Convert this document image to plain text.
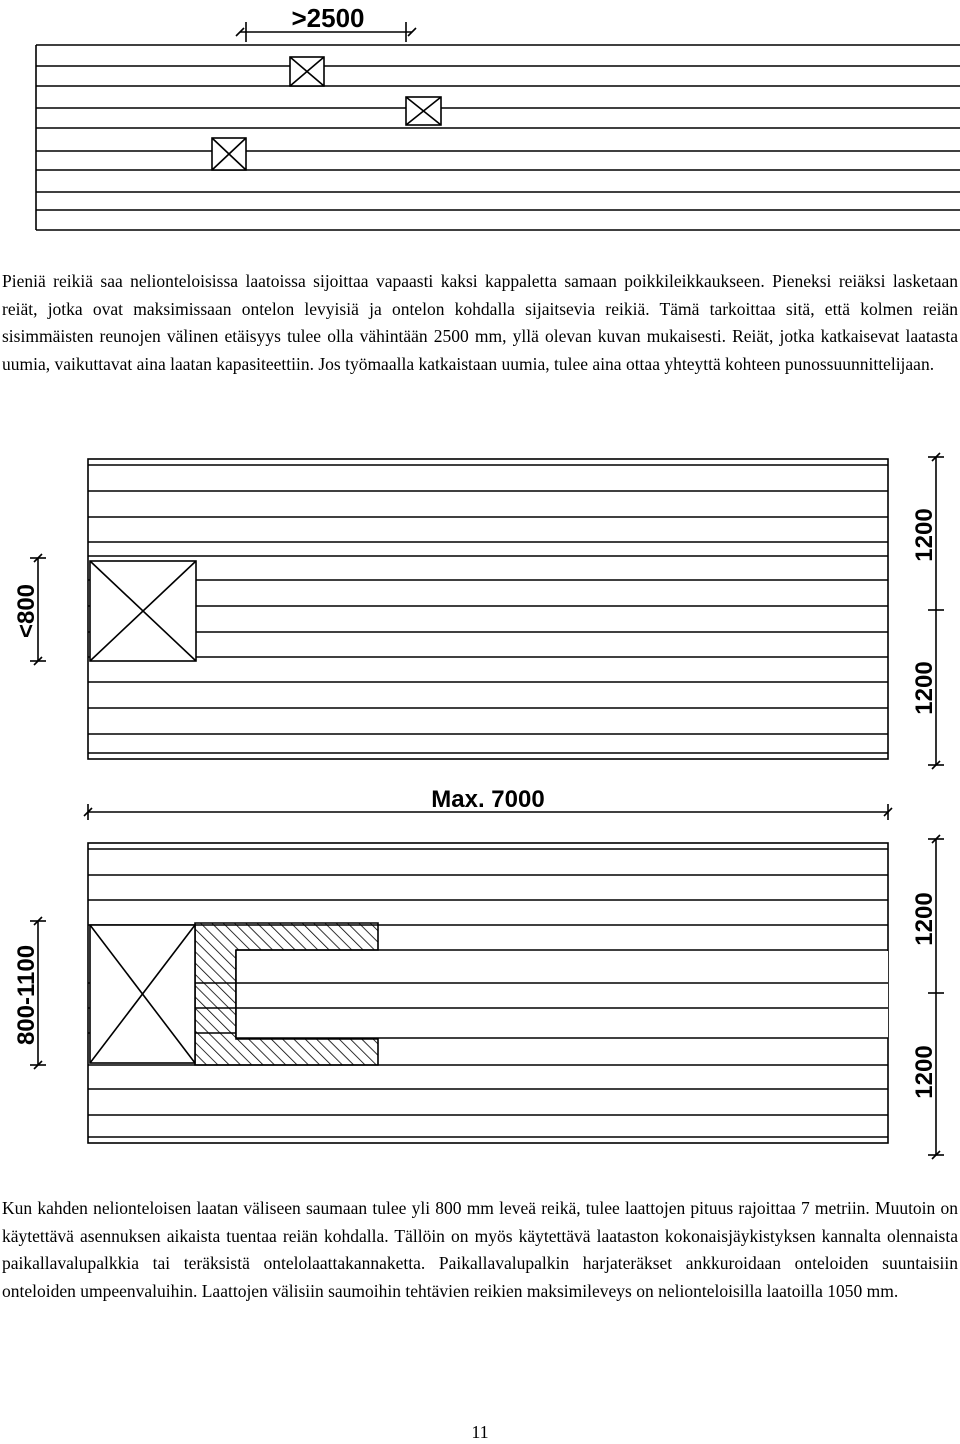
>2500

Pieniä reikiä saa nelionteloisissa laatoissa sijoittaa vapaasti kaksi kappaletta samaan poikkileikkaukseen. Pieneksi reiäksi lasketaan reiät, jotka ovat maksimissaan ontelon levyisiä ja ontelon kohdalla sijaitsevia reikiä. Tämä tarkoittaa sitä, että kolmen reiän sisimmäisten reunojen välinen etäisyys tulee olla vähintään 2500 mm, yllä olevan kuvan mukaisesti. Reiät, jotka katkaisevat laatasta uumia, vaikuttavat aina laatan kapasiteettiin. Jos työmaalla katkaistaan uumia, tulee aina ottaa yhteyttä kohteen punossuunnittelijaan.

<800
1200
1200
Max. 7000
800-1100
1200
1200

Kun kahden nelionteloisen laatan väliseen saumaan tulee yli 800 mm leveä reikä, tulee laattojen pituus rajoittaa 7 metriin. Muutoin on käytettävä asennuksen aikaista tuentaa reiän kohdalla. Tällöin on myös käytettävä laataston kokonaisjäykistyksen kannalta olennaista paikallavalupalkkia tai teräksistä ontelolaattakannaketta. Paikallavalupalkin harjateräkset ankkuroidaan onteloiden suuntaisiin onteloiden umpeenvaluihin. Laattojen välisiin saumoihin tehtävien reikien maksimileveys on nelionteloisilla laatoilla 1050 mm.

11
